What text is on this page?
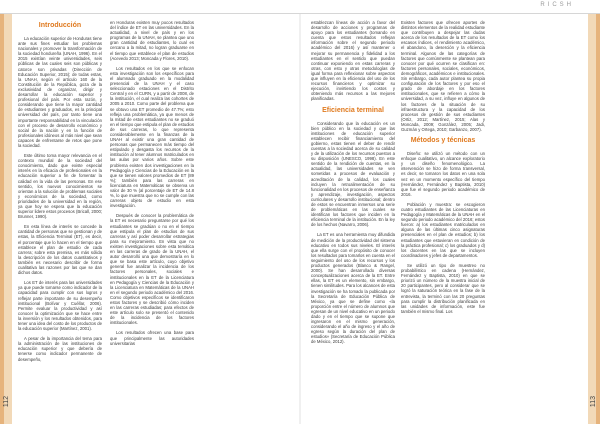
RICSH
112	113
Introducción

La educación superior de Honduras tiene ante sus fines estudiar los problemas nacionales y promover la transformación de la sociedad hondureña (UNAH, 1996). En el 2015 existían veinte universidades, seis públicas de las cuales seis son públicas y catorce son privadas (Dirección de Educación Superior, 2015); de todas estas, la UNAH, según el artículo 160 de la Constitución de la República, goza de la exclusividad de organizar, dirigir y desarrollar la educación superior y profesional del país. Por esta razón, y considerando que tiene la mayor cantidad de estudiantes y graduados, es la principal universidad del país, por tanto tiene una importante responsabilidad en la vinculación con el proceso de desarrollo económico y social de la nación y en la función de profesionales idóneos al más nivel que sean capaces de enfrentarse de retos que pone la sociedad.

Este último toma mayor relevancia en el contexto mundial de la sociedad del conocimiento, dado que existe especial interés en la eficacia de profesionales en la educación superior a fin de fomentar la calidad en la vida de las personas. En ese sentido, los nuevos conocimientos se orientan a la solución de problemas sociales y económicos de la sociedad, como prioridades de la universidad en la región, ya que hoy se espera que la educación superior lidere estos procesos (Bricall, 2000; Brunner, 1990).

En esta línea de interés se concede la cantidad de personas que se gestionan y de estas, la Eficiencia Terminal (ET), es decir, el porcentaje que lo hacen en el tiempo que establece el plan de estudio de cada carrera; sobre esta premisa, es más sólida la descripción de los datos cuantitativos y también es necesario describir de forma cualitativa las razones por las que se dan dichos datos.

Los ET de interés para las universidades ya que puede tomarse como indicador de la capacidad para cumplir con sus logros y reflejar parte importante de su desempeño institucional (Bolívar y Cuéllar, 2006). Permite evaluar la productividad y así conocer la optimización que se hace entre la inversión y los resultados obtenidos, para tener una idea del costo de los productos de la educación superior (Martínez, 2001).

A pesar de la importancia del tema para la administración de las instituciones de educación superior y que debería de tenerse como indicador permanente de desempeño,

en Honduras existen muy pocos resultados del índice de ET en las universidades. En la actualidad, a nivel de país y en los programas de la UNAH, se plantea que uno gran cantidad de estudiantes, lo cual es cercano a la mitad, no logran graduarse en el tiempo que establece el plan de estudios (Acevedo 2013; Moncada y Flores, 2010).

Los resultados en los que se enfocan esta investigación son los específicos para el alumnado graduado en la modalidad presencial de la UNAH y el caso seleccionado estaciones en el Distrito Central y en el CURN, y a partir de 2008, de la institución, el cual realiza las cohortes de 2005 a 2010. Como parte del problema que se obtuvo una ET promedio de 47.7%; esto refleja una problemática, ya que menos de la mitad de estos estudiantes no se graduó en el tiempo que estipula el plan de estudios de sus carreras, lo que representa considerablemente en la finanzas de la UNAH al existir una gran cantidad de personas que permanecen más tiempo del estipulado y desgasta los recursos de la institución al tener alumnos matriculados en las aulas por varios años. Sobre este problema existen dos investigaciones en la Pedagogía y Ciencias de la Educación en la que se tienen valores promedios de ET (89 %); también para las carreras en licenciatura en Matemáticas se observa un valor de 30 % (al porcentaje de ET de 14.8 %, lo que muestra que no se cumple con las carreras objeto de estudio en esta investigación.

Después de conocer la problemática de la ET es necesario preguntarse por qué los estudiantes se gradúan o no en el tiempo que estipula el plan de estudios de sus carreras y así poder desarrollar estrategias para su mejoramiento. En vista que no existen investigaciones sobre esta temática en las carreras de grado de la UNAH, el autor desarrolló una que demostraría en lo que se basa este artículo, cuyo objetivo general fue analizar la incidencia de los factores personales, sociales e institucionales en la ET de la Licenciatura en Pedagogía y Ciencias de la Educación y la Licenciatura en Matemáticas de la UNAH en el segundo periodo académico del 2016. Como objetivos específicos se identificaron estos factores y se describió cómo inciden en las carreras estudiadas; para efectos de este artículo solo se presentó el contenido de la incidencia de los factores institucionales.

Los resultados ofrecen una base para que principalmente las autoridades universitarias

establezcan líneas de acción a favor del desarrollo de acciones y programas de apoyo para los estudiantes (tomando en cuenta que estos resultados reflejan información sobre el segundo periodo académico del 2016) y así mantener o mejorar su permanencia y fidelidad a los estudiantes en el sentido que puedan continuar exponiendo en estas carreras y otras, con esto y otras metodologías de igual forma para reflexionar sobre aspectos que influyen en la eficiencia del uso de los recursos financieros y optimizar su ejecución, invirtiendo los costos y obteniendo más recursos a las mejores planificadas.

Eficiencia terminal

Considerando que la educación es un bien público en la sociedad y que las instituciones de educación superior establecen recibir financiamiento del gobierno, estas tienen el deber de rendir cuentas a la sociedad acerca de su calidad y de la utilización de los recursos puestos a su disposición (UNESCO, 1998). En este sentido de la rendición de cuentas, en la actualidad, las universidades se ven sometidas a procesos de evaluación y acreditación de la calidad, los cuales incluyen la retroalimentación de su funcionalidad en los procesos de enseñanza y aprendizaje, investigación, aspectos curriculares y desarrollo institucional; dentro de estos se encuentran inmersos una serie de problemáticas en las cuales se identifican los factores que inciden en la eficiencia terminal de la institución. En la ley de los hechos (Navarro, 2006).

La ET es una herramienta muy difundida de medición de la productividad del sistema educativo en todos sus niveles. El interés que ella surge con el propósito de conocer los resultados para tomarlos en cuenta en el seguimiento del uso de los recursos y los productos generados (Blanco & Rangel, 2000). Se han desarrollado diversas conceptualizaciones acerca de la ET. Entre ellas, la ET es un elemento, sin embargo, tienen similitudes. Para los alcances de esta investigación se ha tomado la publicada por la Secretaría de Educación Pública de México, ya que se define como «la proporción entre el número de alumnos que egresan de un nivel educativo en un periodo dado y en el tiempo que se supone que ingresaron en el mismo generación, considerando el año de ingreso y el año de egreso según la duración del plan de estudios» (Secretaría de Educación Pública de México, 2012).

Existen factores que ofrecen aportes de distintos elementos de la realidad estudiante que contribuyen a despejar las dudas acerca de los resultados de la ET como los escasos índices, el rendimiento académico, el abandono, la deserción y la eficiencia terminal. Algunos de las categorías de factores que comúnmente se plantean para conocer por qué ocurren se clasifican en: factores personales, sociales, económicos, demográficos, académicos e institucionales. Sin embargo, cada autor plantea su propia configuración de los factores y por eso el grado de abordaje en los factores institucionales, que se refieren a cómo la universidad, a su vez, influye en algunos de los factores de la situación de su infraestructura y la capacidad de los procesos de gestión de sus estudiantes (Ortiz, 2012; Martínez, 2015; Alas y Moncada, 2009; González, 2005; Jadi, Guzmán y Ortega, 2010; Garbanzo, 2007).

Métodos y técnicas

Diseño: se utilizó un método con un enfoque cualitativo, un alcance exploratorio y un diseño fenomenológico. La intervención se hizo de forma transversal, es decir, se tomaron los datos en una sola vez en un momento específico del tiempo (Hernández, Fernández y Baptista, 2010) que fue el segundo periodo académico de 2016.

Población y muestra: se escogieron cuatro estudiantes de las Licenciaturas en Pedagogía y Matemáticas de la UNAH en el segundo periodo académico del 2016; estos fueron: a) los estudiantes matriculados en alguna de las últimas cinco asignaturas presenciales en el plan de estudios; b) los estudiantes que estuvieran en condición de la práctica profesional; c) los graduados y d) los docentes en las que se incluyen coordinadores y jefes de departamentos.

Se utilizó un tipo de muestreo no probabilístico en cadena (Hernández, Fernández y Baptista, 2010) en que se priorizó un número de la muestra inicial de 20 participantes, pero al considerar que se logró la saturación teórica en la fase de la entrevista, la terminó con las 20 preguntas para cumplir la distribución planificada en las unidades de información, este fue también el mismo final. Los
